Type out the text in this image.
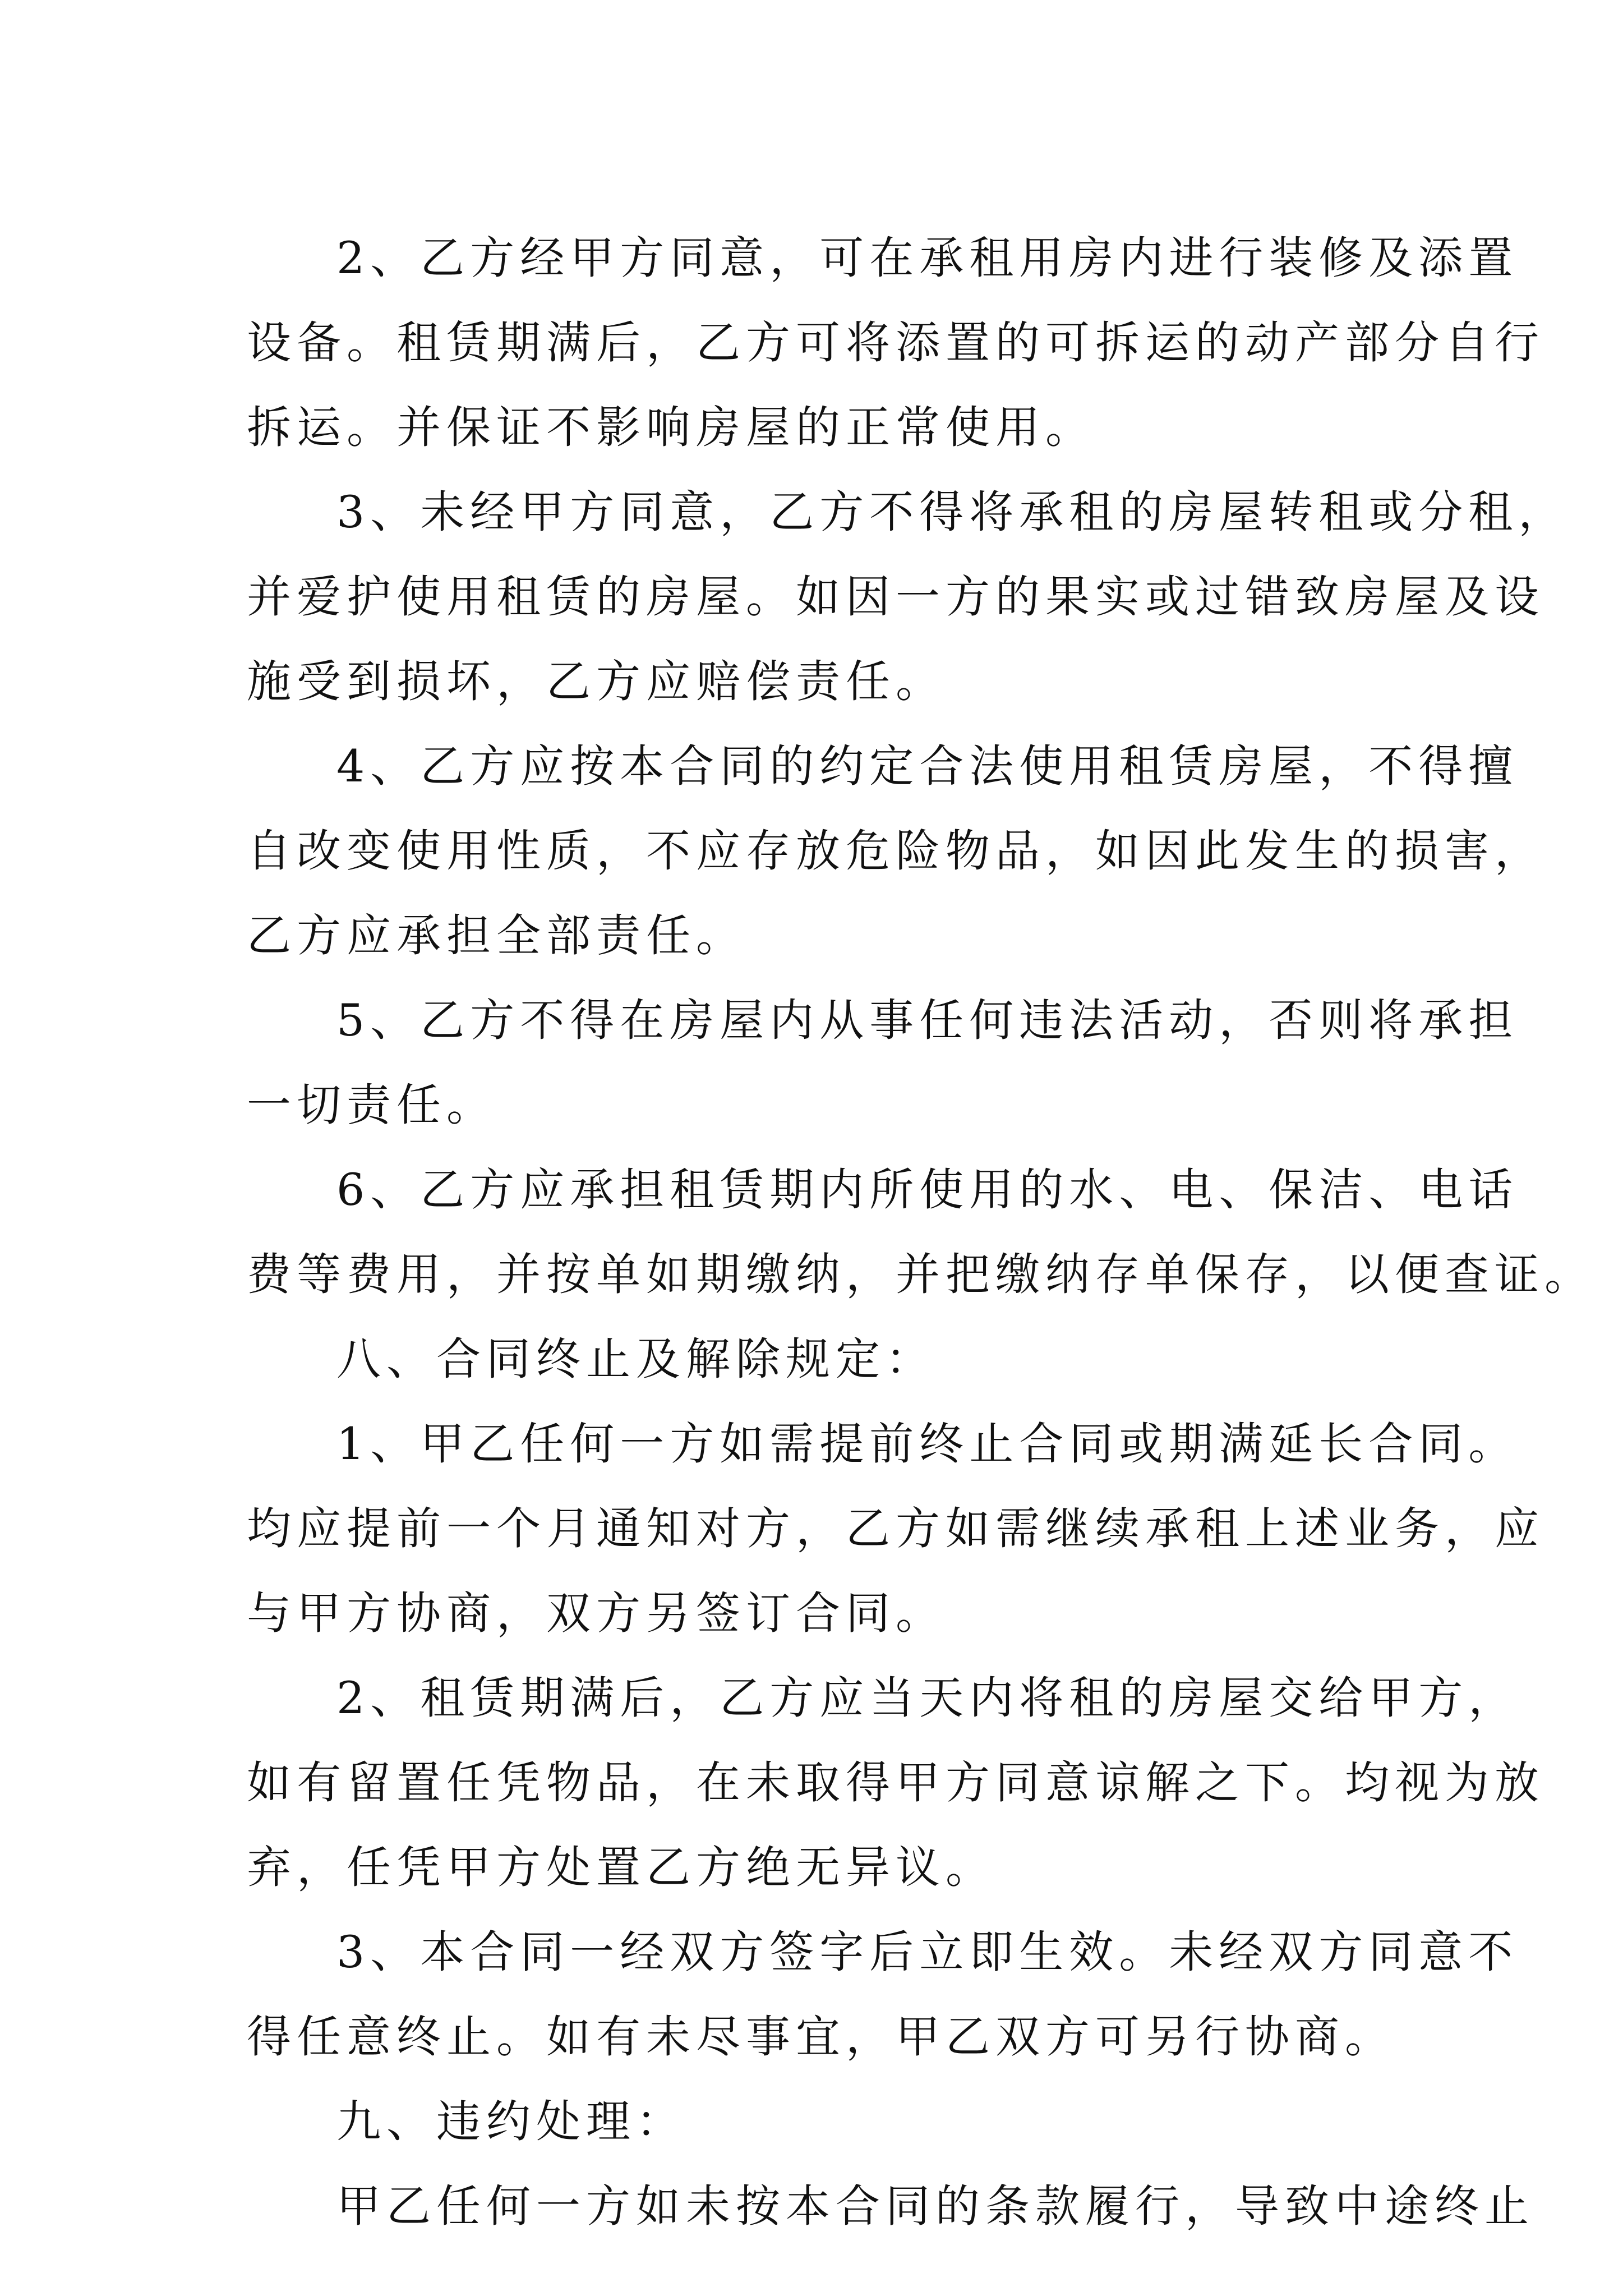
2、乙方经甲方同意，可在承租用房内进行装修及添置
设备。租赁期满后，乙方可将添置的可拆运的动产部分自行
拆运。并保证不影响房屋的正常使用。
3、未经甲方同意，乙方不得将承租的房屋转租或分租，
并爱护使用租赁的房屋。如因一方的果实或过错致房屋及设
施受到损坏，乙方应赔偿责任。
4、乙方应按本合同的约定合法使用租赁房屋，不得擅
自改变使用性质，不应存放危险物品，如因此发生的损害，
乙方应承担全部责任。
5、乙方不得在房屋内从事任何违法活动，否则将承担
一切责任。
6、乙方应承担租赁期内所使用的水、电、保洁、电话
费等费用，并按单如期缴纳，并把缴纳存单保存，以便查证。
八、合同终止及解除规定：
1、甲乙任何一方如需提前终止合同或期满延长合同。
均应提前一个月通知对方，乙方如需继续承租上述业务，应
与甲方协商，双方另签订合同。
2、租赁期满后，乙方应当天内将租的房屋交给甲方，
如有留置任凭物品，在未取得甲方同意谅解之下。均视为放
弃，任凭甲方处置乙方绝无异议。
3、本合同一经双方签字后立即生效。未经双方同意不
得任意终止。如有未尽事宜，甲乙双方可另行协商。
九、违约处理：
甲乙任何一方如未按本合同的条款履行，导致中途终止
